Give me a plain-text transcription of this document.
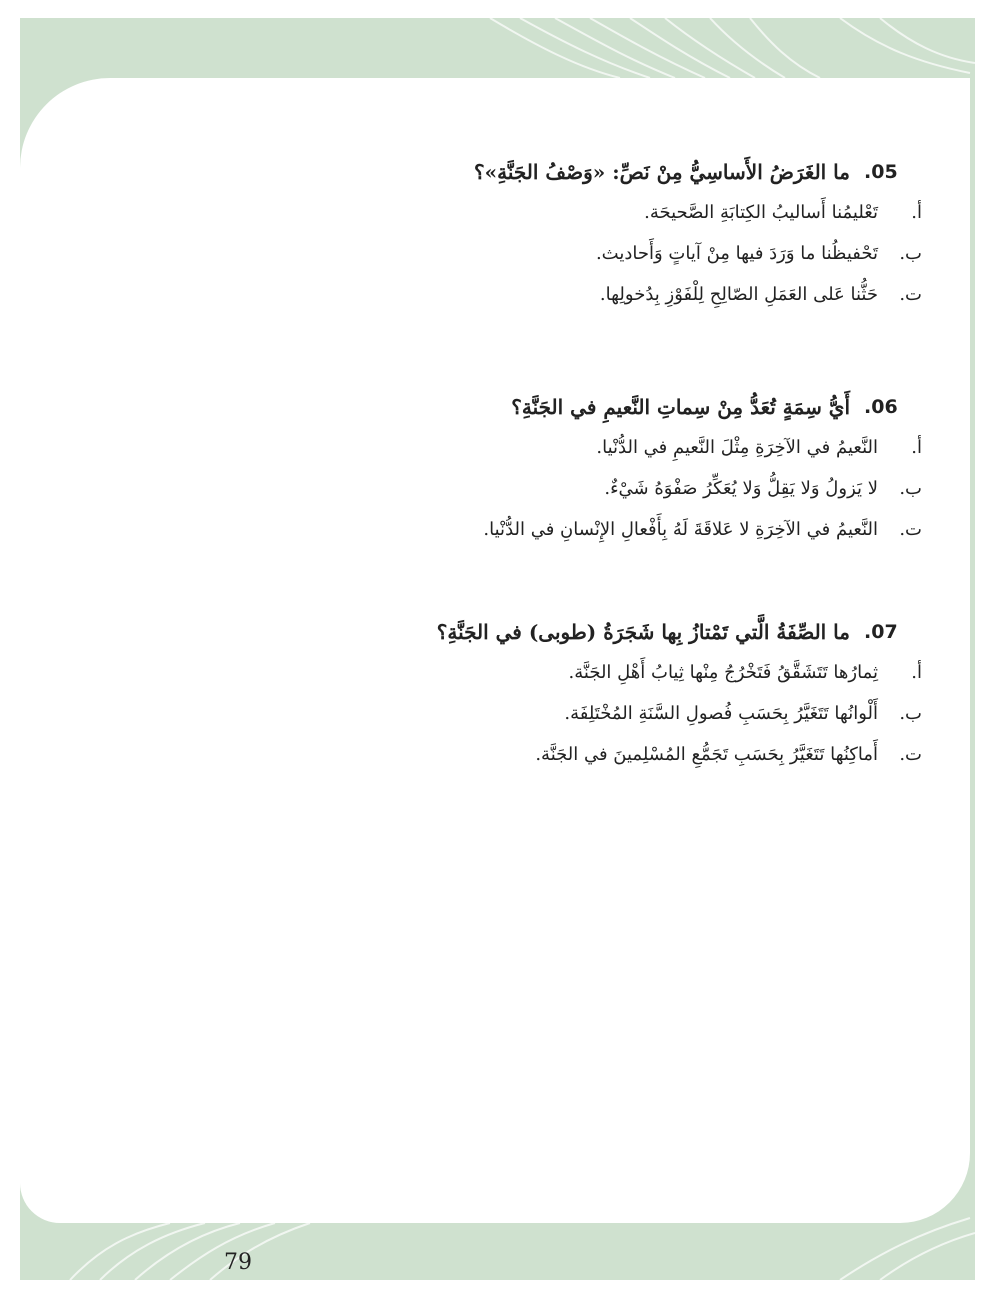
.05
ما الغَرَضُ الأَساسِيُّ مِنْ نَصِّ: «وَصْفُ الجَنَّةِ»؟
أ.
تَعْليمُنا أَساليبُ الكِتابَةِ الصَّحيحَة.
ب.
تَحْفيظُنا ما وَرَدَ فيها مِنْ آياتٍ وَأَحاديث.
ت.
حَثُّنا عَلى العَمَلِ الصّالِحِ لِلْفَوْزِ بِدُخولِها.
.06
أَيُّ سِمَةٍ تُعَدُّ مِنْ سِماتِ النَّعيمِ في الجَنَّةِ؟
أ.
النَّعيمُ في الآخِرَةِ مِثْلَ النَّعيمِ في الدُّنْيا.
ب.
لا يَزولُ وَلا يَقِلُّ وَلا يُعَكِّرُ صَفْوَهُ شَيْءٌ.
ت.
النَّعيمُ في الآخِرَةِ لا عَلاقَةَ لَهُ بِأَفْعالِ الإِنْسانِ في الدُّنْيا.
.07
ما الصِّفَةُ الَّتي تَمْتازُ بِها شَجَرَةُ (طوبى) في الجَنَّةِ؟
أ.
ثِمارُها تَتَشَقَّقُ فَتَخْرُجُ مِنْها ثِيابُ أَهْلِ الجَنَّة.
ب.
أَلْوانُها تَتَغَيَّرُ بِحَسَبِ فُصولِ السَّنَةِ المُخْتَلِفَة.
ت.
أَماكِنُها تَتَغَيَّرُ بِحَسَبِ تَجَمُّعِ المُسْلِمينَ في الجَنَّة.
79
